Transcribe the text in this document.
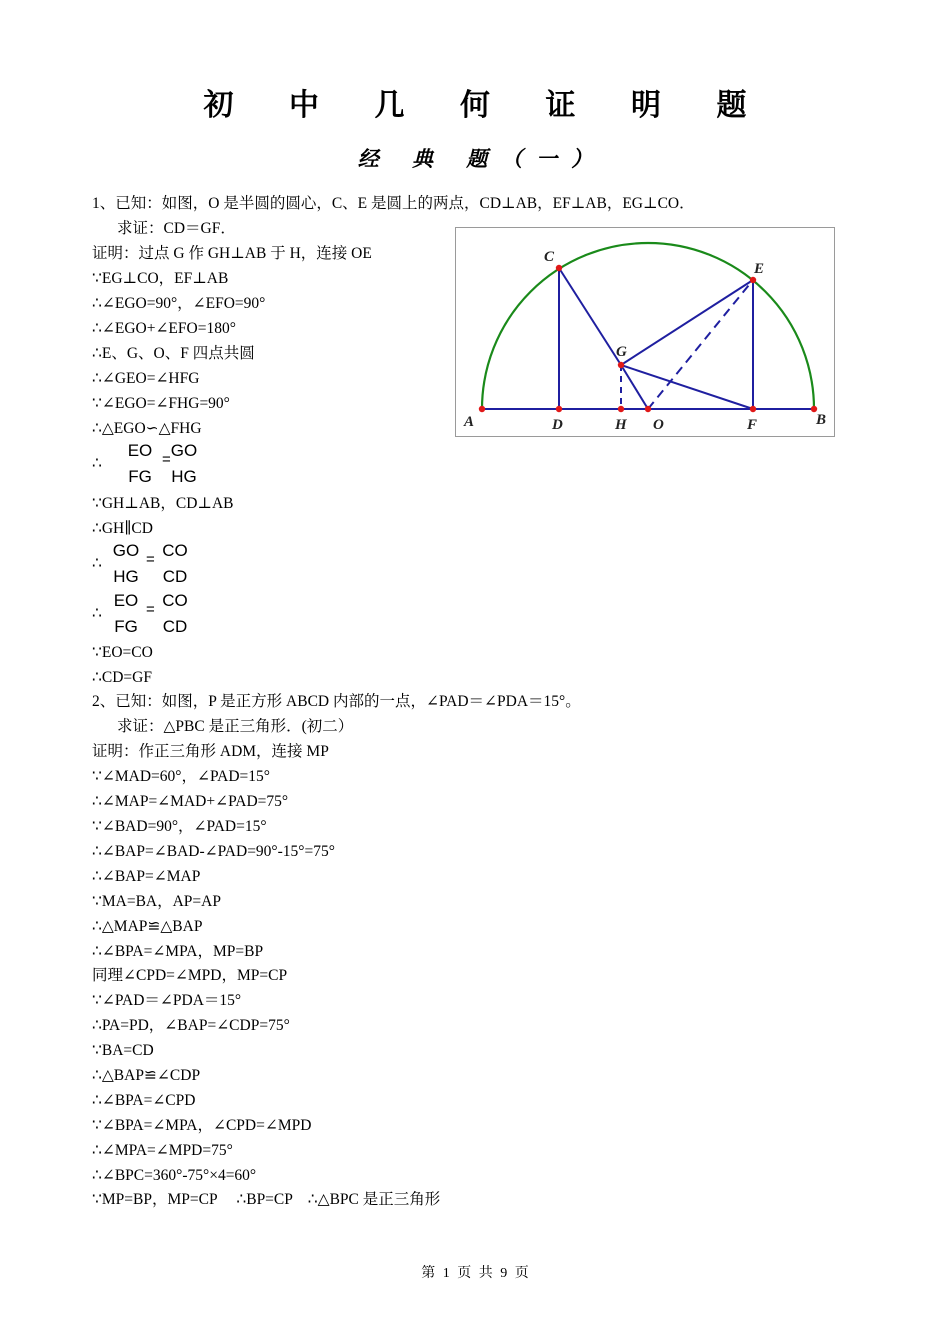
初 中 几 何 证 明 题
经 典 题（一）
1、已知：如图，O 是半圆的圆心，C、E 是圆上的两点，CD⊥AB，EF⊥AB，EG⊥CO．
求证：CD＝GF．
证明：过点 G 作 GH⊥AB 于 H，连接 OE
∵EG⊥CO，EF⊥AB
∴∠EGO=90°，∠EFO=90°
∴∠EGO+∠EFO=180°
∴E、G、O、F 四点共圆
∴∠GEO=∠HFG
∵∠EGO=∠FHG=90°
∴△EGO∽△FHG
∴
EO
FG
= GO
HG
∵GH⊥AB，CD⊥AB
∴GH∥CD
∴
GO
HG
= CO
CD
∴
EO
FG
= CO
CD
∵EO=CO
∴CD=GF
A	D	H O	F	B
C
E
G
2、已知：如图，P 是正方形 ABCD 内部的一点，∠PAD＝∠PDA＝15°。
求证：△PBC 是正三角形．(初二）
证明：作正三角形 ADM，连接 MP
∵∠MAD=60°，∠PAD=15°
∴∠MAP=∠MAD+∠PAD=75°
∵∠BAD=90°，∠PAD=15°
∴∠BAP=∠BAD-∠PAD=90°-15°=75°
∴∠BAP=∠MAP
∵MA=BA，AP=AP
∴△MAP≌△BAP
∴∠BPA=∠MPA，MP=BP
同理∠CPD=∠MPD，MP=CP
∵∠PAD＝∠PDA＝15°
∴PA=PD，∠BAP=∠CDP=75°
∵BA=CD
∴△BAP≌∠CDP
∴∠BPA=∠CPD
∵∠BPA=∠MPA，∠CPD=∠MPD
∴∠MPA=∠MPD=75°
∴∠BPC=360°-75°×4=60°
∵MP=BP，MP=CP　 ∴BP=CP　∴△BPC 是正三角形
第 1 页 共 9 页
